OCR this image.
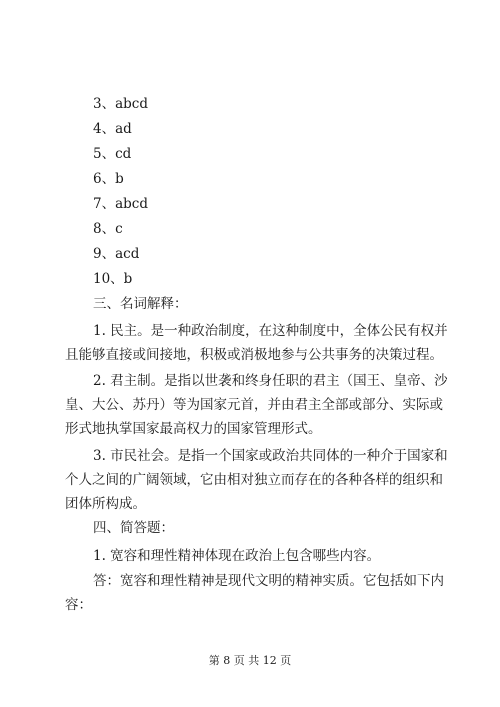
3、abcd
4、ad
5、cd
6、b
7、abcd
8、c
9、acd
10、b
三、名词解释：
1. 民主。是一种政治制度，在这种制度中，全体公民有权并
且能够直接或间接地，积极或消极地参与公共事务的决策过程。
2. 君主制。是指以世袭和终身任职的君主（国王、皇帝、沙
皇、大公、苏丹）等为国家元首，并由君主全部或部分、实际或
形式地执掌国家最高权力的国家管理形式。
3. 市民社会。是指一个国家或政治共同体的一种介于国家和
个人之间的广阔领域，它由相对独立而存在的各种各样的组织和
团体所构成。
四、简答题：
1. 宽容和理性精神体现在政治上包含哪些内容。
答：宽容和理性精神是现代文明的精神实质。它包括如下内
容：
第 8 页 共 12 页
